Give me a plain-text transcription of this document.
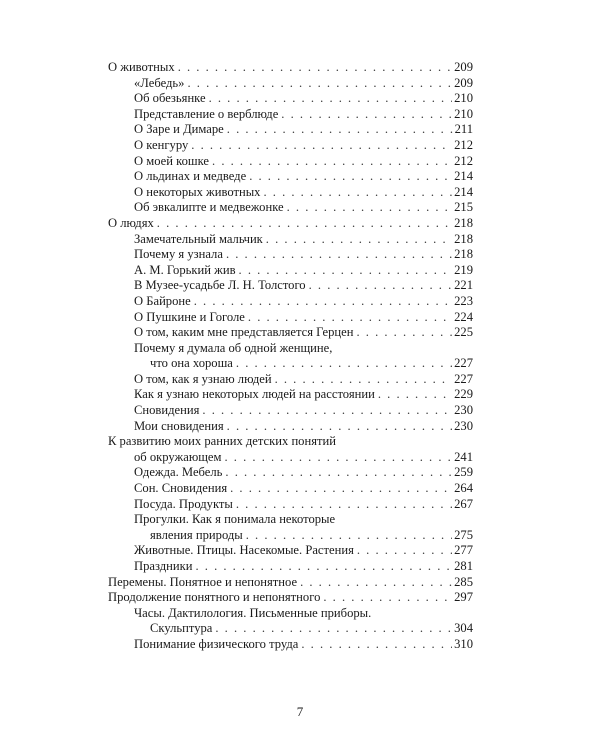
О животных . . .	209
«Лебедь» . . .	209
Об обезьянке . . .	210
Представление о верблюде . . .	210
О Заре и Димаре . . .	211
О кенгуру . . .	212
О моей кошке . . .	212
О льдинах и медведе . . .	214
О некоторых животных . . .	214
Об эвкалипте и медвежонке . . .	215
О людях . . .	218
Замечательный мальчик . . .	218
Почему я узнала . . .	218
А. М. Горький жив . . .	219
В Музее-усадьбе Л. Н. Толстого . . .	221
О Байроне . . .	223
О Пушкине и Гоголе . . .	224
О том, каким мне представляется Герцен . . .	225
Почему я думала об одной женщине,
что она хороша . . .	227
О том, как я узнаю людей . . .	227
Как я узнаю некоторых людей на расстоянии . . .	229
Сновидения . . .	230
Мои сновидения . . .	230
К развитию моих ранних детских понятий
об окружающем . . .	241
Одежда. Мебель . . .	259
Сон. Сновидения . . .	264
Посуда. Продукты . . .	267
Прогулки. Как я понимала некоторые
явления природы . . .	275
Животные. Птицы. Насекомые. Растения . . .	277
Праздники . . .	281
Перемены. Понятное и непонятное . . .	285
Продолжение понятного и непонятного . . .	297
Часы. Дактилология. Письменные приборы.
Скульптура . . .	304
Понимание физического труда . . .	310
7
